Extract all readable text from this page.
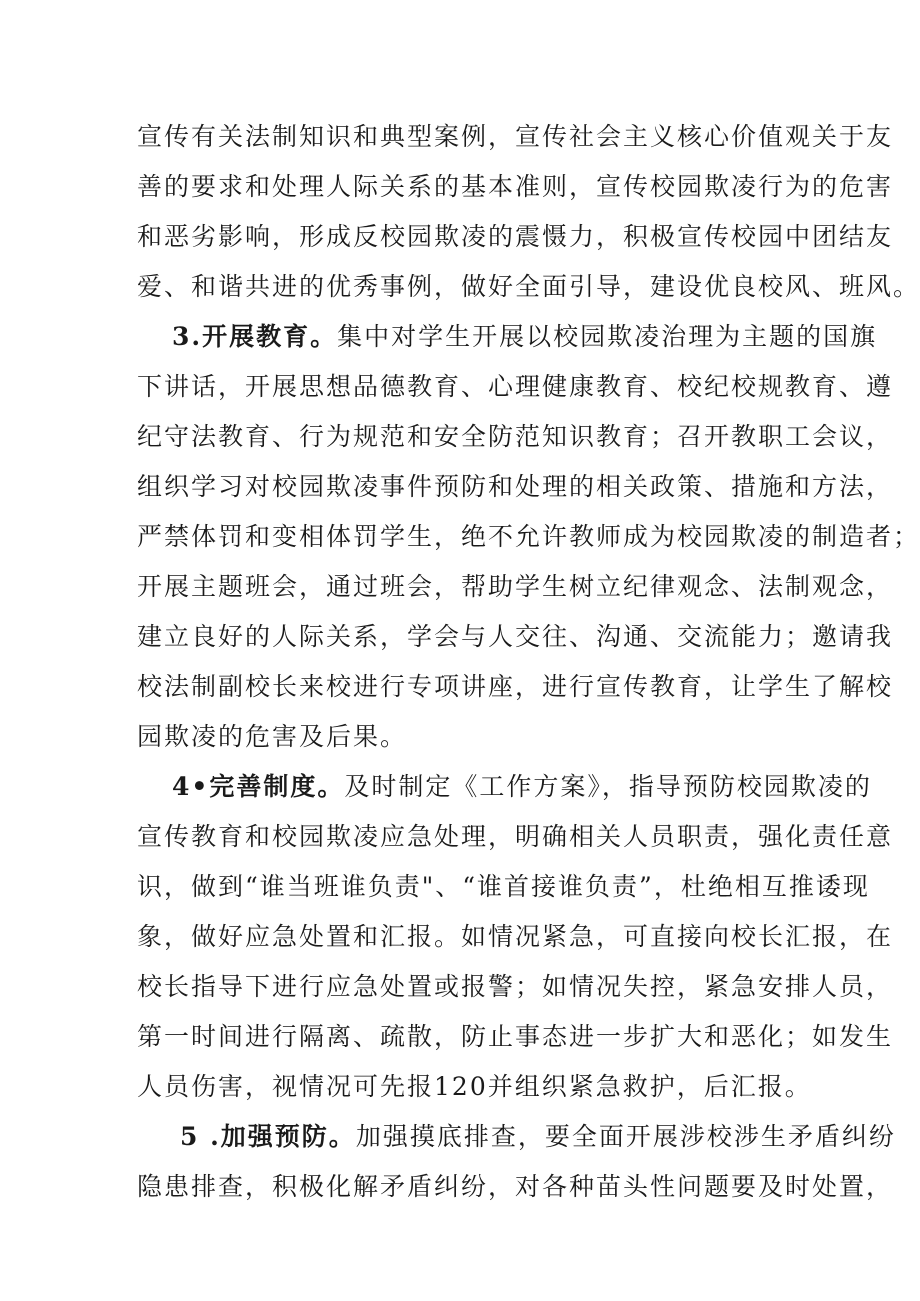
宣传有关法制知识和典型案例，宣传社会主义核心价值观关于友
善的要求和处理人际关系的基本准则，宣传校园欺凌行为的危害
和恶劣影响，形成反校园欺凌的震慑力，积极宣传校园中团结友
爱、和谐共进的优秀事例，做好全面引导，建设优良校风、班风。
3.开展教育。集中对学生开展以校园欺凌治理为主题的国旗
下讲话，开展思想品德教育、心理健康教育、校纪校规教育、遵
纪守法教育、行为规范和安全防范知识教育；召开教职工会议，
组织学习对校园欺凌事件预防和处理的相关政策、措施和方法，
严禁体罚和变相体罚学生，绝不允许教师成为校园欺凌的制造者；
开展主题班会，通过班会，帮助学生树立纪律观念、法制观念，
建立良好的人际关系，学会与人交往、沟通、交流能力；邀请我
校法制副校长来校进行专项讲座，进行宣传教育，让学生了解校
园欺凌的危害及后果。
4•完善制度。及时制定《工作方案》，指导预防校园欺凌的
宣传教育和校园欺凌应急处理，明确相关人员职责，强化责任意
识，做到“谁当班谁负责"、“谁首接谁负责”，杜绝相互推诿现
象，做好应急处置和汇报。如情况紧急，可直接向校长汇报，在
校长指导下进行应急处置或报警；如情况失控，紧急安排人员，
第一时间进行隔离、疏散，防止事态进一步扩大和恶化；如发生
人员伤害，视情况可先报120并组织紧急救护，后汇报。
5 .加强预防。加强摸底排查，要全面开展涉校涉生矛盾纠纷
隐患排查，积极化解矛盾纠纷，对各种苗头性问题要及时处置，
